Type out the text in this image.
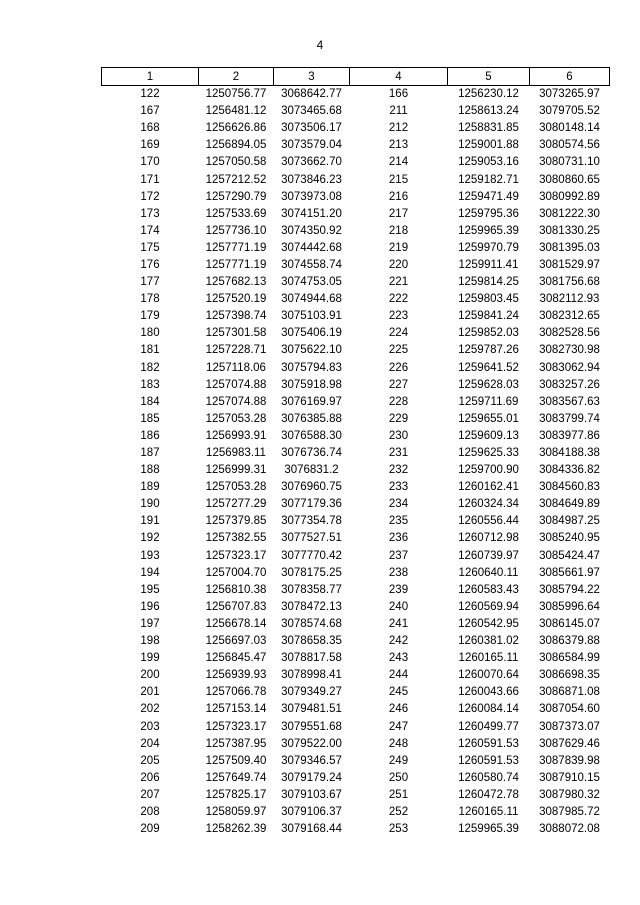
4
1	2	3	4	5	6
122	1250756.77	3068642.77	166	1256230.12	3073265.97
167	1256481.12	3073465.68	211	1258613.24	3079705.52
168	1256626.86	3073506.17	212	1258831.85	3080148.14
169	1256894.05	3073579.04	213	1259001.88	3080574.56
170	1257050.58	3073662.70	214	1259053.16	3080731.10
171	1257212.52	3073846.23	215	1259182.71	3080860.65
172	1257290.79	3073973.08	216	1259471.49	3080992.89
173	1257533.69	3074151.20	217	1259795.36	3081222.30
174	1257736.10	3074350.92	218	1259965.39	3081330.25
175	1257771.19	3074442.68	219	1259970.79	3081395.03
176	1257771.19	3074558.74	220	1259911.41	3081529.97
177	1257682.13	3074753.05	221	1259814.25	3081756.68
178	1257520.19	3074944.68	222	1259803.45	3082112.93
179	1257398.74	3075103.91	223	1259841.24	3082312.65
180	1257301.58	3075406.19	224	1259852.03	3082528.56
181	1257228.71	3075622.10	225	1259787.26	3082730.98
182	1257118.06	3075794.83	226	1259641.52	3083062.94
183	1257074.88	3075918.98	227	1259628.03	3083257.26
184	1257074.88	3076169.97	228	1259711.69	3083567.63
185	1257053.28	3076385.88	229	1259655.01	3083799.74
186	1256993.91	3076588.30	230	1259609.13	3083977.86
187	1256983.11	3076736.74	231	1259625.33	3084188.38
188	1256999.31	3076831.2	232	1259700.90	3084336.82
189	1257053.28	3076960.75	233	1260162.41	3084560.83
190	1257277.29	3077179.36	234	1260324.34	3084649.89
191	1257379.85	3077354.78	235	1260556.44	3084987.25
192	1257382.55	3077527.51	236	1260712.98	3085240.95
193	1257323.17	3077770.42	237	1260739.97	3085424.47
194	1257004.70	3078175.25	238	1260640.11	3085661.97
195	1256810.38	3078358.77	239	1260583.43	3085794.22
196	1256707.83	3078472.13	240	1260569.94	3085996.64
197	1256678.14	3078574.68	241	1260542.95	3086145.07
198	1256697.03	3078658.35	242	1260381.02	3086379.88
199	1256845.47	3078817.58	243	1260165.11	3086584.99
200	1256939.93	3078998.41	244	1260070.64	3086698.35
201	1257066.78	3079349.27	245	1260043.66	3086871.08
202	1257153.14	3079481.51	246	1260084.14	3087054.60
203	1257323.17	3079551.68	247	1260499.77	3087373.07
204	1257387.95	3079522.00	248	1260591.53	3087629.46
205	1257509.40	3079346.57	249	1260591.53	3087839.98
206	1257649.74	3079179.24	250	1260580.74	3087910.15
207	1257825.17	3079103.67	251	1260472.78	3087980.32
208	1258059.97	3079106.37	252	1260165.11	3087985.72
209	1258262.39	3079168.44	253	1259965.39	3088072.08
